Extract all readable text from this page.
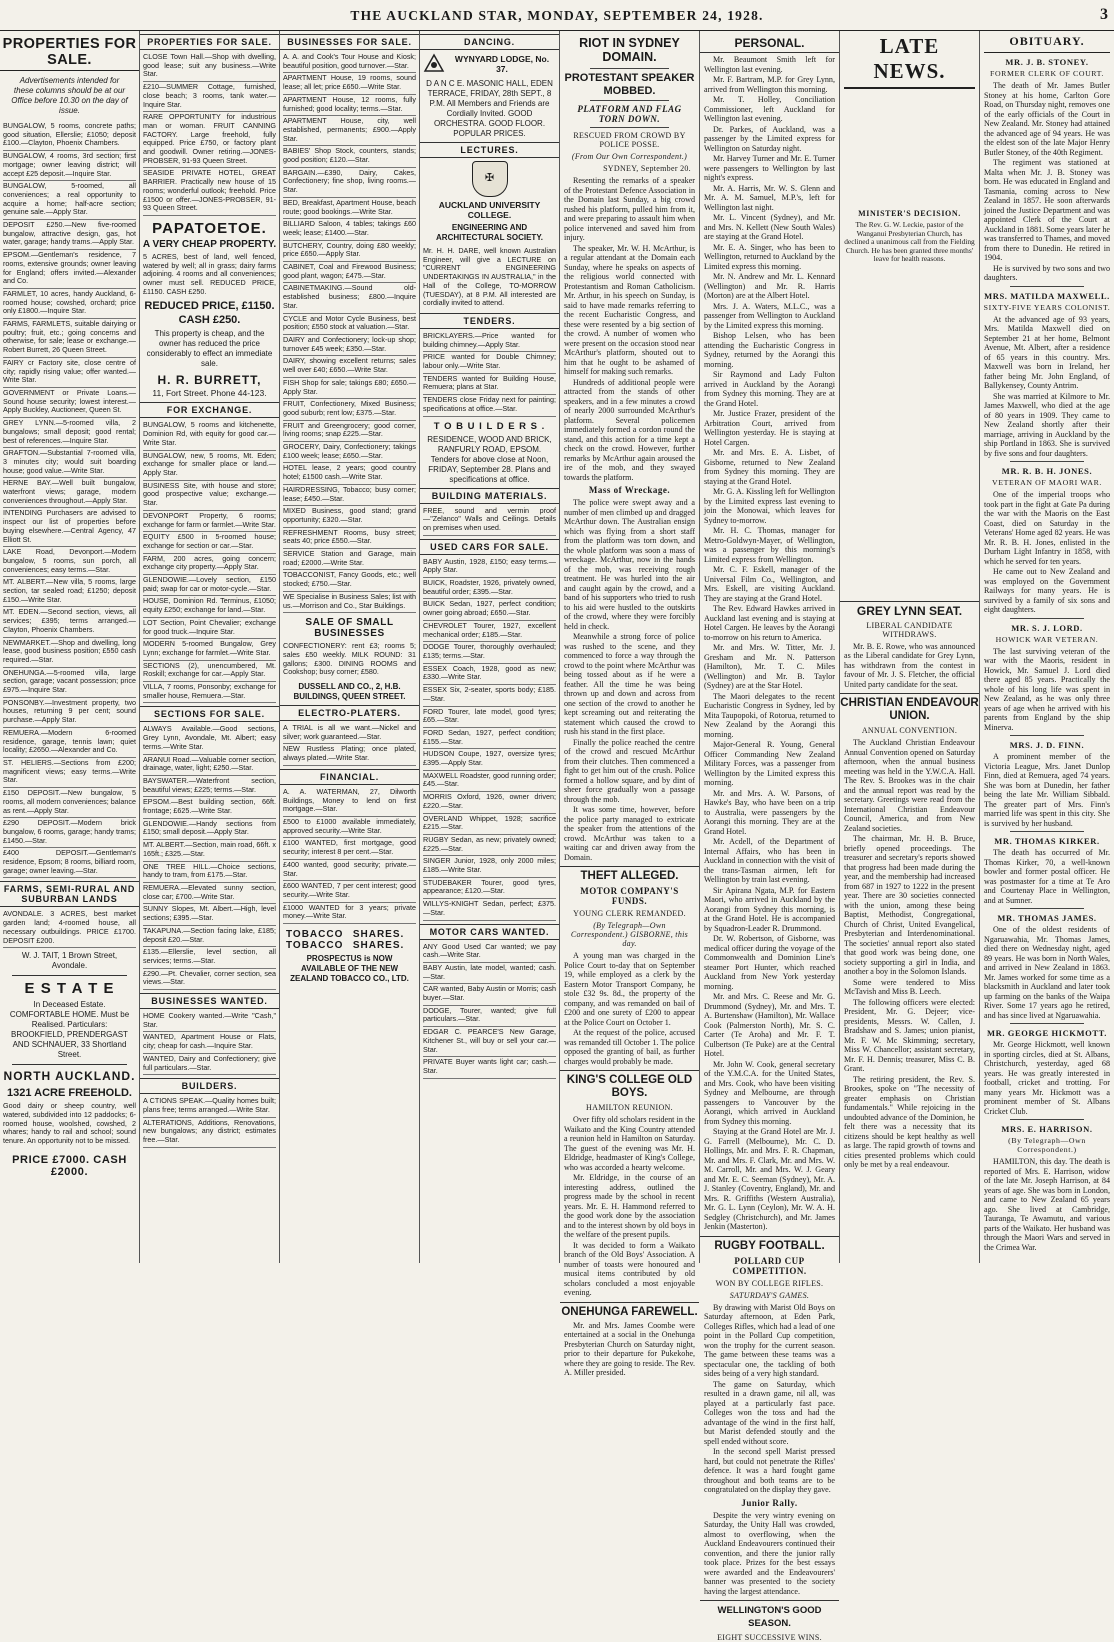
THE AUCKLAND STAR, MONDAY, SEPTEMBER 24, 1928.	3
PROPERTIES FOR SALE.
Advertisements intended for these columns should be at our Office before 10.30 on the day of issue.

BUNGALOW, 5 rooms, concrete paths; good situation, Ellerslie; £1050; deposit £100.—Clayton, Phoenix Chambers.

BUNGALOW, 4 rooms, 3rd section; first mortgage; owner leaving district; will accept £25 deposit.—Inquire Star.

BUNGALOW, 5-roomed, all conveniences; a real opportunity to acquire a home; half-acre section; genuine sale.—Apply Star.

DEPOSIT £250.—New five-roomed bungalow, attractive design, gas, hot water, garage; handy trams.—Apply Star.

EPSOM.—Gentleman's residence, 7 rooms, extensive grounds; owner leaving for England; offers invited.—Alexander and Co.

FARMLET, 10 acres, handy Auckland, 6-roomed house; cowshed, orchard; price only £1800.—Inquire Star.

FARMS, FARMLETS, suitable dairying or poultry; fruit, etc.; going concerns and otherwise, for sale; lease or exchange.—Robert Burrett, 26 Queen Street.

FAIRY cr Factory site, close centre of city; rapidly rising value; offer wanted.—Write Star.

GOVERNMENT or Private Loans.—Sound house security; lowest interest.—Apply Buckley, Auctioneer, Queen St.

GREY LYNN.—5-roomed villa, 2 bungalows; small deposit; good rental; best of references.—Inquire Star.

GRAFTON.—Substantial 7-roomed villa, 3 minutes city; would suit boarding house; good value.—Write Star.

HERNE BAY.—Well built bungalow, waterfront views; garage, modern conveniences throughout.—Apply Star.

INTENDING Purchasers are advised to inspect our list of properties before buying elsewhere.—Central Agency, 47 Elliott St.

LAKE Road, Devonport.—Modern bungalow, 5 rooms, sun porch, all conveniences; easy terms.—Star.

MT. ALBERT.—New villa, 5 rooms, large section, tar sealed road; £1250; deposit £150.—Write Star.

MT. EDEN.—Second section, views, all services; £395; terms arranged.—Clayton, Phoenix Chambers.

NEWMARKET.—Shop and dwelling, long lease, good business position; £550 cash required.—Star.

ONEHUNGA.—5-roomed villa, large section, garage; vacant possession; price £975.—Inquire Star.

PONSONBY.—Investment property, two houses, returning 9 per cent; sound purchase.—Apply Star.

REMUERA.—Modern 6-roomed residence, garage, tennis lawn; quiet locality; £2650.—Alexander and Co.

ST. HELIERS.—Sections from £200; magnificent views; easy terms.—Write Star.

£150 DEPOSIT.—New bungalow, 5 rooms, all modern conveniences; balance as rent.—Apply Star.

£290 DEPOSIT.—Modern brick bungalow, 6 rooms, garage; handy trams; £1450.—Star.

£400 DEPOSIT.—Gentleman's residence, Epsom; 8 rooms, billiard room, garage; owner leaving.—Star.

FARMS, SEMI-RURAL AND SUBURBAN LANDS

AVONDALE. 3 ACRES, best market garden land; 4-roomed house, all necessary outbuildings. PRICE £1700. DEPOSIT £200.

W. J. TAIT, 1 Brown Street, Avondale.
E S T A T E
In Deceased Estate. COMFORTABLE HOME. Must be Realised. Particulars: BROOKFIELD, PRENDERGAST AND SCHNAUER, 33 Shortland Street.
NORTH AUCKLAND.
1321 ACRE FREEHOLD.

Good dairy or sheep country, well watered, subdivided into 12 paddocks; 6-roomed house, woolshed, cowshed, 2 whares; handy to rail and school; sound tenure. An opportunity not to be missed.

PRICE £7000. CASH £2000.
PROPERTIES FOR SALE.

CLOSE Town Hall.—Shop with dwelling, good lease; suit any business.—Write Star.

£210—SUMMER Cottage, furnished, close beach; 3 rooms, tank water.—Inquire Star.

RARE OPPORTUNITY for industrious man or woman. FRUIT CANNING FACTORY. Large freehold, fully equipped. Price £750, or factory plant and goodwill. Owner retiring.—JONES-PROBSER, 91-93 Queen Street.

SEASIDE PRIVATE HOTEL, GREAT BARRIER. Practically new house of 15 rooms; wonderful outlook; freehold. Price £1500 or offer.—JONES-PROBSER, 91-93 Queen Street.

PAPATOETOE.
A VERY CHEAP PROPERTY.

5 ACRES, best of land, well fenced, watered by well; all in grass; dairy farms adjoining. 4 rooms and all conveniences; owner must sell. REDUCED PRICE, £1150. CASH £250.

REDUCED PRICE, £1150.
CASH £250.
This property is cheap, and the owner has reduced the price considerably to effect an immediate sale.
H. R. BURRETT,
11, Fort Street. Phone 44-123.
FOR EXCHANGE.

BUNGALOW, 5 rooms and kitchenette, Dominion Rd, with equity for good car.—Write Star.

BUNGALOW, new, 5 rooms, Mt. Eden; exchange for smaller place or land.—Apply Star.

BUSINESS Site, with house and store; good prospective value; exchange.—Star.

DEVONPORT Property, 6 rooms; exchange for farm or farmlet.—Write Star.

EQUITY £500 in 5-roomed house; exchange for section or car.—Star.

FARM, 200 acres, going concern; exchange city property.—Apply Star.

GLENDOWIE.—Lovely section, £150 paid; swap for car or motor-cycle.—Star.

HOUSE, Dominion Rd. Terminus, £1050; equity £250; exchange for land.—Star.

LOT Section, Point Chevalier; exchange for good truck.—Inquire Star.

MODERN 5-roomed Bungalow, Grey Lynn; exchange for farmlet.—Write Star.

SECTIONS (2), unencumbered, Mt. Roskill; exchange for car.—Apply Star.

VILLA, 7 rooms, Ponsonby; exchange for smaller house, Remuera.—Star.

SECTIONS FOR SALE.

ALWAYS Available.—Good sections, Grey Lynn, Avondale, Mt. Albert; easy terms.—Write Star.

ARANUI Road.—Valuable corner section, drainage, water, light; £250.—Star.

BAYSWATER.—Waterfront section, beautiful views; £225; terms.—Star.

EPSOM.—Best building section, 66ft. frontage; £625.—Write Star.

GLENDOWIE.—Handy sections from £150; small deposit.—Apply Star.

MT. ALBERT.—Section, main road, 66ft. x 165ft.; £325.—Star.

ONE TREE HILL.—Choice sections, handy to tram, from £175.—Star.

REMUERA.—Elevated sunny section, close car; £700.—Write Star.

SUNNY Slopes, Mt. Albert.—High, level sections; £395.—Star.

TAKAPUNA.—Section facing lake, £185; deposit £20.—Star.

£135.—Ellerslie, level section, all services; terms.—Star.

£290.—Pt. Chevalier, corner section, sea views.—Star.

BUSINESSES WANTED.

HOME Cookery wanted.—Write "Cash," Star.

WANTED, Apartment House or Flats, city; cheap for cash.—Inquire Star.

WANTED, Dairy and Confectionery; give full particulars.—Star.

BUILDERS.

A CTIONS SPEAK.—Quality homes built; plans free; terms arranged.—Write Star.

ALTERATIONS, Additions, Renovations, new bungalows; any district; estimates free.—Star.

BUSINESSES FOR SALE.

A. A. and Cook's Tour House and Kiosk; beautiful position, good turnover.—Star.

APARTMENT House, 19 rooms, sound lease; all let; price £650.—Write Star.

APARTMENT House, 12 rooms, fully furnished; good locality; terms.—Star.

APARTMENT House, city, well established, permanents; £900.—Apply Star.

BABIES' Shop Stock, counters, stands; good position; £120.—Star.

BARGAIN.—£390, Dairy, Cakes, Confectionery; fine shop, living rooms.—Star.

BED, Breakfast, Apartment House, beach route; good bookings.—Write Star.

BILLIARD Saloon, 4 tables; takings £60 week; lease; £1400.—Star.

BUTCHERY, Country, doing £80 weekly; price £650.—Apply Star.

CABINET, Coal and Firewood Business; good plant, wagon; £475.—Star.

CABINETMAKING.—Sound old-established business; £800.—Inquire Star.

CYCLE and Motor Cycle Business, best position; £550 stock at valuation.—Star.

DAIRY and Confectionery; lock-up shop; turnover £45 week; £350.—Star.

DAIRY, showing excellent returns; sales well over £40; £650.—Write Star.

FISH Shop for sale; takings £80; £650.—Apply Star.

FRUIT, Confectionery, Mixed Business; good suburb; rent low; £375.—Star.

FRUIT and Greengrocery; good corner, living rooms; snap £225.—Star.

GROCERY, Dairy, Confectionery; takings £100 week; lease; £650.—Star.

HOTEL lease, 2 years; good country hotel; £1500 cash.—Write Star.

HAIRDRESSING, Tobacco; busy corner; lease; £450.—Star.

MIXED Business, good stand; grand opportunity; £320.—Star.

REFRESHMENT Rooms, busy street; seats 40; price £550.—Star.

SERVICE Station and Garage, main road; £2000.—Write Star.

TOBACCONIST, Fancy Goods, etc.; well stocked; £750.—Star.

WE Specialise in Business Sales; list with us.—Morrison and Co., Star Buildings.

SALE OF SMALL BUSINESSES

CONFECTIONERY: rent £3; rooms 5; sales £50 weekly. MILK ROUND: 31 gallons; £300. DINING ROOMS and Cookshop; busy corner; £580.

DUSSELL AND CO., 2, H.B. BUILDINGS, QUEEN STREET.
ELECTRO-PLATERS.

A TRIAL is all we want.—Nickel and silver; work guaranteed.—Star.

NEW Rustless Plating; once plated, always plated.—Write Star.

FINANCIAL.

A. A. WATERMAN, 27, Dilworth Buildings, Money to lend on first mortgage.—Star.

£500 to £1000 available immediately, approved security.—Write Star.

£100 WANTED, first mortgage, good security; interest 8 per cent.—Star.

£400 wanted, good security; private.—Star.

£600 WANTED, 7 per cent interest; good security.—Write Star.

£1000 WANTED for 3 years; private money.—Write Star.

TOBACCO TOBACCO
SHARES. SHARES.
PROSPECTUS is NOW AVAILABLE OF THE NEW ZEALAND TOBACCO CO., LTD.
DANCING.
WYNYARD LODGE, No. 37.
D A N C E. MASONIC HALL, EDEN TERRACE, FRIDAY, 28th SEPT., 8 P.M. All Members and Friends are Cordially Invited. GOOD ORCHESTRA. GOOD FLOOR. POPULAR PRICES.
LECTURES.
✠
AUCKLAND UNIVERSITY COLLEGE.
ENGINEERING AND ARCHITECTURAL SOCIETY.

Mr. H. H. DARE, well known Australian Engineer, will give a LECTURE on "CURRENT ENGINEERING UNDERTAKINGS IN AUSTRALIA," in the Hall of the College, TO-MORROW (TUESDAY), at 8 P.M. All interested are cordially invited to attend.

TENDERS.

BRICKLAYERS.—Price wanted for building chimney.—Apply Star.

PRICE wanted for Double Chimney; labour only.—Write Star.

TENDERS wanted for Building House, Remuera; plans at Star.

TENDERS close Friday next for painting; specifications at office.—Star.

T O B U I L D E R S .
RESIDENCE, WOOD AND BRICK, RANFURLY ROAD, EPSOM. Tenders for above close at Noon, FRIDAY, September 28. Plans and specifications at office.
BUILDING MATERIALS.

FREE, sound and vermin proof—"Zelanco" Walls and Ceilings. Details on premises when used.

USED CARS FOR SALE.

BABY Austin, 1928, £150; easy terms.—Apply Star.

BUICK, Roadster, 1926, privately owned, beautiful order; £395.—Star.

BUICK Sedan, 1927, perfect condition; owner going abroad; £650.—Star.

CHEVROLET Tourer, 1927, excellent mechanical order; £185.—Star.

DODGE Tourer, thoroughly overhauled; £135; terms.—Star.

ESSEX Coach, 1928, good as new; £330.—Write Star.

ESSEX Six, 2-seater, sports body; £185.—Star.

FORD Tourer, late model, good tyres; £65.—Star.

FORD Sedan, 1927, perfect condition; £155.—Star.

HUDSON Coupe, 1927, oversize tyres; £395.—Apply Star.

MAXWELL Roadster, good running order; £45.—Star.

MORRIS Oxford, 1926, owner driven; £220.—Star.

OVERLAND Whippet, 1928; sacrifice £215.—Star.

RUGBY Sedan, as new; privately owned; £225.—Star.

SINGER Junior, 1928, only 2000 miles; £185.—Write Star.

STUDEBAKER Tourer, good tyres, appearance; £120.—Star.

WILLYS-KNIGHT Sedan, perfect; £375.—Star.

MOTOR CARS WANTED.

ANY Good Used Car wanted; we pay cash.—Write Star.

BABY Austin, late model, wanted; cash.—Star.

CAR wanted, Baby Austin or Morris; cash buyer.—Star.

DODGE, Tourer, wanted; give full particulars.—Star.

EDGAR C. PEARCE'S New Garage, Kitchener St., will buy or sell your car.—Star.

PRIVATE Buyer wants light car; cash.—Star.

RIOT IN SYDNEY DOMAIN.
PROTESTANT SPEAKER MOBBED.
PLATFORM AND FLAG TORN DOWN.
RESCUED FROM CROWD BY POLICE POSSE.
(From Our Own Correspondent.)
SYDNEY, September 20.

Resenting the remarks of a speaker of the Protestant Defence Association in the Domain last Sunday, a big crowd rushed his platform, pulled him from it, and were preparing to assault him when police intervened and saved him from injury.

The speaker, Mr. W. H. McArthur, is a regular attendant at the Domain each Sunday, where he speaks on aspects of the religious world connected with Protestantism and Roman Catholicism. Mr. Arthur, in his speech on Sunday, is said to have made remarks referring to the recent Eucharistic Congress, and these were resented by a big section of the crowd. A number of women who were present on the occasion stood near McArthur's platform, shouted out to him that he ought to be ashamed of himself for making such remarks.

Hundreds of additional people were attracted from the stands of other speakers, and in a few minutes a crowd of nearly 2000 surrounded McArthur's platform. Several policemen immediately formed a cordon round the stand, and this action for a time kept a check on the crowd. However, further remarks by McArthur again aroused the ire of the mob, and they swayed towards the platform.

Mass of Wreckage.

The police were swept away and a number of men climbed up and dragged McArthur down. The Australian ensign which was flying from a short staff from the platform was torn down, and the whole platform was soon a mass of wreckage. McArthur, now in the hands of the mob, was receiving rough treatment. He was hurled into the air and caught again by the crowd, and a band of his supporters who tried to rush to his aid were hustled to the outskirts of the crowd, where they were forcibly held in check.

Meanwhile a strong force of police was rushed to the scene, and they commenced to force a way through the crowd to the point where McArthur was being tossed about as if he were a feather. All the time he was being thrown up and down and across from one section of the crowd to another he kept screaming out and reiterating the statement which caused the crowd to rush his stand in the first place.

Finally the police reached the centre of the crowd and rescued McArthur from their clutches. Then commenced a fight to get him out of the crush. Police formed a hollow square, and by dint of sheer force gradually won a passage through the mob.

It was some time, however, before the police party managed to extricate the speaker from the attentions of the crowd. McArthur was taken to a waiting car and driven away from the Domain.

THEFT ALLEGED.
MOTOR COMPANY'S FUNDS.
YOUNG CLERK REMANDED.
(By Telegraph—Own Correspondent.) GISBORNE, this day.

A young man was charged in the Police Court to-day that on September 19, while employed as a clerk by the Eastern Motor Transport Company, he stole £32 9s. 8d., the property of the company, and was remanded on bail of £200 and one surety of £200 to appear at the Police Court on October 1.

At the request of the police, accused was remanded till October 1. The police opposed the granting of bail, as further charges would probably be made.

KING'S COLLEGE OLD BOYS.
HAMILTON REUNION.

Over fifty old scholars resident in the Waikato and the King Country attended a reunion held in Hamilton on Saturday. The guest of the evening was Mr. H. Eldridge, headmaster of King's College, who was accorded a hearty welcome.

Mr. Eldridge, in the course of an interesting address, outlined the progress made by the school in recent years. Mr. E. H. Hammond referred to the good work done by the association and to the interest shown by old boys in the welfare of the present pupils.

It was decided to form a Waikato branch of the Old Boys' Association. A number of toasts were honoured and musical items contributed by old scholars concluded a most enjoyable evening.

ONEHUNGA FAREWELL.

Mr. and Mrs. James Coombe were entertained at a social in the Onehunga Presbyterian Church on Saturday night, prior to their departure for Pukekohe, where they are going to reside. The Rev. A. Miller presided.

PERSONAL.

Mr. Beaumont Smith left for Wellington last evening.

Mr. F. Bartram, M.P. for Grey Lynn, arrived from Wellington this morning.

Mr. T. Holley, Conciliation Commissioner, left Auckland for Wellington last evening.

Dr. Parkes, of Auckland, was a passenger by the Limited express for Wellington on Saturday night.

Mr. Harvey Turner and Mr. E. Turner were passengers to Wellington by last night's express.

Mr. A. Harris, Mr. W. S. Glenn and Mr. A. M. Samuel, M.P.'s, left for Wellington last night.

Mr. L. Vincent (Sydney), and Mr. and Mrs. N. Kellett (New South Wales) are staying at the Grand Hotel.

Mr. E. A. Singer, who has been to Wellington, returned to Auckland by the Limited express this morning.

Mr. N. Andrew and Mr. L. Kennard (Wellington) and Mr. R. Harris (Morton) are at the Albert Hotel.

Mrs. J. A. Waters, M.L.C., was a passenger from Wellington to Auckland by the Limited express this morning.

Bishop Lelsen, who has been attending the Eucharistic Congress in Sydney, returned by the Aorangi this morning.

Sir Raymond and Lady Fulton arrived in Auckland by the Aorangi from Sydney this morning. They are at the Grand Hotel.

Mr. Justice Frazer, president of the Arbitration Court, arrived from Wellington yesterday. He is staying at Hotel Cargen.

Mr. and Mrs. E. A. Lisbet, of Gisborne, returned to New Zealand from Sydney this morning. They are staying at the Grand Hotel.

Mr. G. A. Kissling left for Wellington by the Limited express last evening to join the Monowai, which leaves for Sydney to-morrow.

Mr. H. C. Thomas, manager for Metro-Goldwyn-Mayer, of Wellington, was a passenger by this morning's Limited express from Wellington.

Mr. C. F. Eskell, manager of the Universal Film Co., Wellington, and Mrs. Eskell, are visiting Auckland. They are staying at the Grand Hotel.

The Rev. Edward Hawkes arrived in Auckland last evening and is staying at Hotel Cargen. He leaves by the Aorangi to-morrow on his return to America.

Mr. and Mrs. W. Titter, Mr. J. Gresham and Mr. N. Patterson (Hamilton), Mr. T. C. Miles (Wellington) and Mr. B. Taylor (Sydney) are at the Star Hotel.

The Maori delegates to the recent Eucharistic Congress in Sydney, led by Mita Taupopoki, of Rotorua, returned to New Zealand by the Aorangi this morning.

Major-General R. Young, General Officer Commanding New Zealand Military Forces, was a passenger from Wellington by the Limited express this morning.

Mr. and Mrs. A. W. Parsons, of Hawke's Bay, who have been on a trip to Australia, were passengers by the Aorangi this morning. They are at the Grand Hotel.

Mr. Acdell, of the Department of Internal Affairs, who has been in Auckland in connection with the visit of the trans-Tasman airmen, left for Wellington by train last evening.

Sir Apirana Ngata, M.P. for Eastern Maori, who arrived in Auckland by the Aorangi from Sydney this morning, is at the Grand Hotel. He is accompanied by Squadron-Leader R. Drummond.

Dr. W. Robertson, of Gisborne, was medical officer during the voyage of the Commonwealth and Dominion Line's steamer Port Hunter, which reached Auckland from New York yesterday morning.

Mr. and Mrs. C. Reese and Mr. G. Drummond (Sydney), Mr. and Mrs. T. A. Burtenshaw (Hamilton), Mr. Wallace Cook (Palmerston North), Mr. S. C. Carter (Te Aroha) and Mr. F. T. Culbertson (Te Puke) are at the Central Hotel.

Mr. John W. Cook, general secretary of the Y.M.C.A. for the United States, and Mrs. Cook, who have been visiting Sydney and Melbourne, are through passengers to Vancouver by the Aorangi, which arrived in Auckland from Sydney this morning.

Staying at the Grand Hotel are Mr. J. G. Farrell (Melbourne), Mr. C. D. Hollings, Mr. and Mrs. F. R. Chapman, Mr. and Mrs. F. Clark, Mr. and Mrs. W. M. Carroll, Mr. and Mrs. W. J. Geary and Mr. E. C. Seeman (Sydney), Mr. A. J. Stanley (Coventry, England), Mr. and Mrs. R. Griffiths (Western Australia), Mr. G. L. Lynn (Ceylon), Mr. W. A. H. Sedgley (Christchurch), and Mr. James Jenkin (Masterton).

RUGBY FOOTBALL.
POLLARD CUP COMPETITION.
WON BY COLLEGE RIFLES.
SATURDAY'S GAMES.

By drawing with Marist Old Boys on Saturday afternoon, at Eden Park, Colleges Rifles, which had a lead of one point in the Pollard Cup competition, won the trophy for the current season. The game between these teams was a spectacular one, the tackling of both sides being of a very high standard.

The game on Saturday, which resulted in a drawn game, nil all, was played at a particularly fast pace. Colleges won the toss and had the advantage of the wind in the first half, but Marist defended stoutly and the spell ended without score.

In the second spell Marist pressed hard, but could not penetrate the Rifles' defence. It was a hard fought game throughout and both teams are to be congratulated on the display they gave.

Junior Rally.

Despite the very wintry evening on Saturday, the Unity Hall was crowded, almost to overflowing, when the Auckland Endeavourers continued their convention, and there the junior rally took place. Prizes for the best essays were awarded and the Endeavourers' banner was presented to the society having the largest attendance.

WELLINGTON'S GOOD SEASON.
EIGHT SUCCESSIVE WINS.
LATE NEWS.
MINISTER'S DECISION.
The Rev. G. W. Leckie, pastor of the Wanganui Presbyterian Church, has declined a unanimous call from the Fielding Church. He has been granted three months' leave for health reasons.
GREY LYNN SEAT.
LIBERAL CANDIDATE WITHDRAWS.

Mr. B. E. Rowe, who was announced as the Liberal candidate for Grey Lynn, has withdrawn from the contest in favour of Mr. J. S. Fletcher, the official United party candidate for the seat.

CHRISTIAN ENDEAVOUR UNION.
ANNUAL CONVENTION.

The Auckland Christian Endeavour Annual Convention opened on Saturday afternoon, when the annual business meeting was held in the Y.W.C.A. Hall. The Rev. S. Brookes was in the chair and the annual report was read by the secretary. Greetings were read from the International Christian Endeavour Council, America, and from New Zealand societies.

The chairman, Mr. H. B. Bruce, briefly opened proceedings. The treasurer and secretary's reports showed that progress had been made during the year, and the membership had increased from 687 in 1927 to 1222 in the present year. There are 30 societies connected with the union, among these being Baptist, Methodist, Congregational, Church of Christ, United Evangelical, Presbyterian and Interdenominational. The societies' annual report also stated that good work was being done, one society supporting a girl in India, and another a boy in the Solomon Islands.

Some were tendered to Miss McTavish and Miss B. Leech.

The following officers were elected: President, Mr. G. Dejeer; vice-presidents, Messrs. W. Callen, J. Bradshaw and S. James; union pianist, Mr. F. W. Mc Skimming; secretary, Miss W. Chancellor; assistant secretary, Mr. F. H. Dennis; treasurer, Miss C. B. Grant.

The retiring president, the Rev. S. Brookes, spoke on "The necessity of greater emphasis on Christian fundamentals." While rejoicing in the undoubted advance of the Dominion, he felt there was a necessity that its citizens should be kept healthy as well as large. The rapid growth of towns and cities presented problems which could only be met by a real endeavour.

OBITUARY.
MR. J. B. STONEY.
FORMER CLERK OF COURT.

The death of Mr. James Butler Stoney at his home, Carlton Gore Road, on Thursday night, removes one of the early officials of the Court in New Zealand. Mr. Stoney had attained the advanced age of 94 years. He was the eldest son of the late Major Henry Butler Stoney, of the 40th Regiment.

The regiment was stationed at Malta when Mr. J. B. Stoney was born. He was educated in England and Tasmania, coming across to New Zealand in 1857. He soon afterwards joined the Justice Department and was appointed Clerk of the Court at Auckland in 1881. Some years later he was transferred to Thames, and moved from there to Dunedin. He retired in 1904.

He is survived by two sons and two daughters.

MRS. MATILDA MAXWELL.
SIXTY-FIVE YEARS COLONIST.

At the advanced age of 93 years, Mrs. Matilda Maxwell died on September 21 at her home, Belmont Avenue, Mt. Albert, after a residence of 65 years in this country. Mrs. Maxwell was born in Ireland, her father being Mr. John England, of Ballykensey, County Antrim.

She was married at Kilmore to Mr. James Maxwell, who died at the age of 80 years in 1909. They came to New Zealand shortly after their marriage, arriving in Auckland by the ship Portland in 1863. She is survived by five sons and four daughters.

MR. R. B. H. JONES.
VETERAN OF MAORI WAR.

One of the imperial troops who took part in the fight at Gate Pa during the war with the Maoris on the East Coast, died on Saturday in the Veterans' Home aged 82 years. He was Mr. R. B. H. Jones, enlisted in the Durham Light Infantry in 1858, with which he served for ten years.

He came out to New Zealand and was employed on the Government Railways for many years. He is survived by a family of six sons and eight daughters.

MR. S. J. LORD.
HOWICK WAR VETERAN.

The last surviving veteran of the war with the Maoris, resident in Howick, Mr. Samuel J. Lord died there aged 85 years. Practically the whole of his long life was spent in New Zealand, as he was only three years of age when he arrived with his parents from England by the ship Minerva.

MRS. J. D. FINN.

A prominent member of the Victoria League, Mrs. Janet Dunlop Finn, died at Remuera, aged 74 years. She was born at Dunedin, her father being the late Mr. William Sibbald. The greater part of Mrs. Finn's married life was spent in this city. She is survived by her husband.

MR. THOMAS KIRKER.

The death has occurred of Mr. Thomas Kirker, 70, a well-known bowler and former postal officer. He was postmaster for a time at Te Aro and Courtenay Place in Wellington, and at Sumner.

MR. THOMAS JAMES.

One of the oldest residents of Ngaruawahia, Mr. Thomas James, died there on Wednesday night, aged 89 years. He was born in North Wales, and arrived in New Zealand in 1863. Mr. James worked for some time as a blacksmith in Auckland and later took up farming on the banks of the Waipa River. Some 17 years ago he retired, and has since lived at Ngaruawahia.

MR. GEORGE HICKMOTT.

Mr. George Hickmott, well known in sporting circles, died at St. Albans, Christchurch, yesterday, aged 68 years. He was greatly interested in football, cricket and trotting. For many years Mr. Hickmott was a prominent member of St. Albans Cricket Club.

MRS. E. HARRISON.
(By Telegraph—Own Correspondent.)

HAMILTON, this day. The death is reported of Mrs. E. Harrison, widow of the late Mr. Joseph Harrison, at 84 years of age. She was born in London, and came to New Zealand 65 years ago. She lived at Cambridge, Tauranga, Te Awamutu, and various parts of the Waikato. Her husband was through the Maori Wars and served in the Crimea War.
